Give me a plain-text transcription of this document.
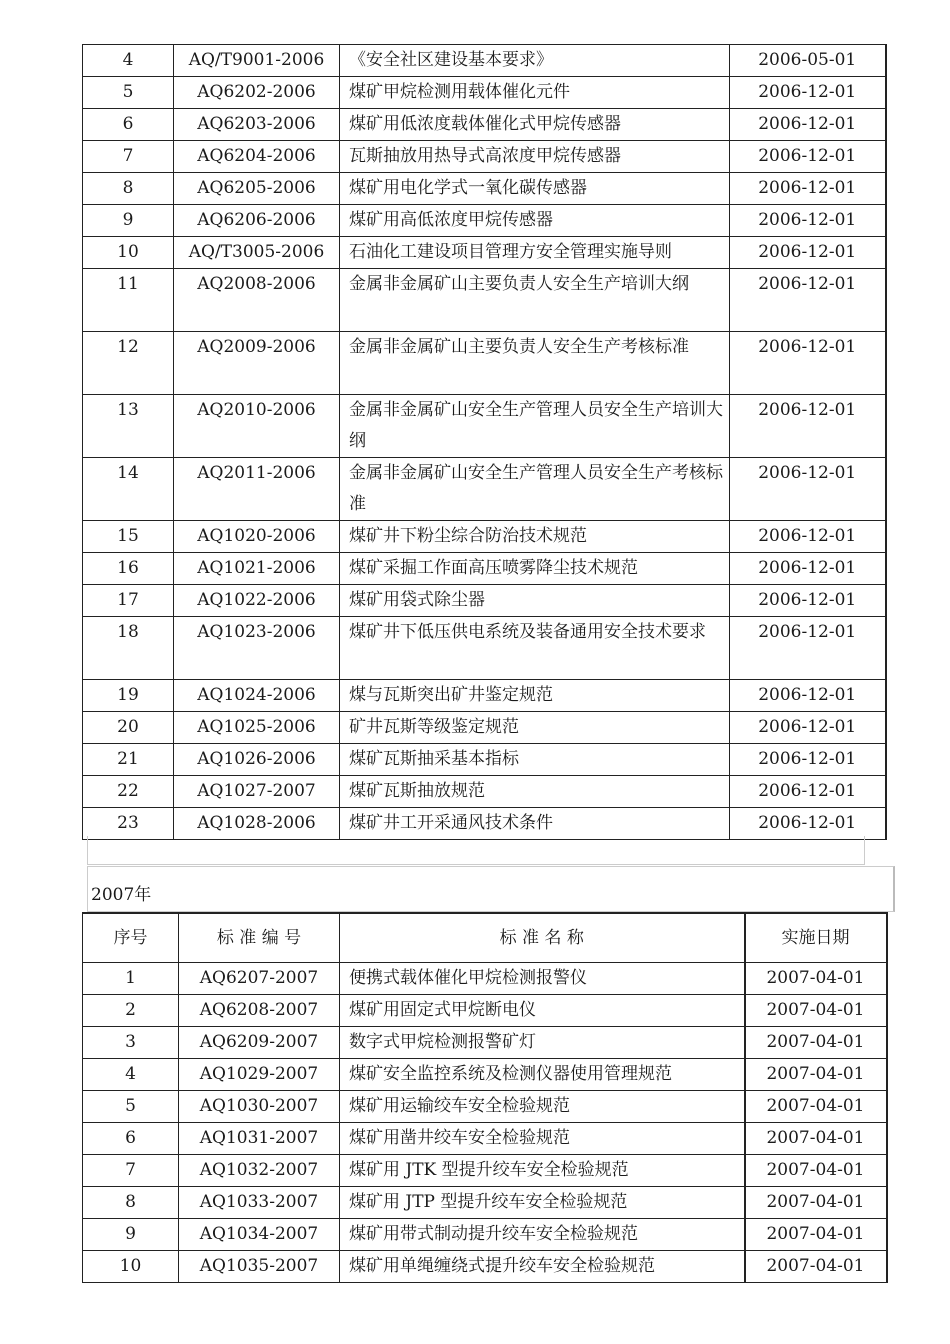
4	AQ/T9001-2006	《安全社区建设基本要求》	2006-05-01
5	AQ6202-2006	煤矿甲烷检测用载体催化元件	2006-12-01
6	AQ6203-2006	煤矿用低浓度载体催化式甲烷传感器	2006-12-01
7	AQ6204-2006	瓦斯抽放用热导式高浓度甲烷传感器	2006-12-01
8	AQ6205-2006	煤矿用电化学式一氧化碳传感器	2006-12-01
9	AQ6206-2006	煤矿用高低浓度甲烷传感器	2006-12-01
10	AQ/T3005-2006	石油化工建设项目管理方安全管理实施导则	2006-12-01
11	AQ2008-2006	金属非金属矿山主要负责人安全生产培训大纲	2006-12-01
12	AQ2009-2006	金属非金属矿山主要负责人安全生产考核标准	2006-12-01
13	AQ2010-2006	金属非金属矿山安全生产管理人员安全生产培训大纲	2006-12-01
14	AQ2011-2006	金属非金属矿山安全生产管理人员安全生产考核标准	2006-12-01
15	AQ1020-2006	煤矿井下粉尘综合防治技术规范	2006-12-01
16	AQ1021-2006	煤矿采掘工作面高压喷雾降尘技术规范	2006-12-01
17	AQ1022-2006	煤矿用袋式除尘器	2006-12-01
18	AQ1023-2006	煤矿井下低压供电系统及装备通用安全技术要求	2006-12-01
19	AQ1024-2006	煤与瓦斯突出矿井鉴定规范	2006-12-01
20	AQ1025-2006	矿井瓦斯等级鉴定规范	2006-12-01
21	AQ1026-2006	煤矿瓦斯抽采基本指标	2006-12-01
22	AQ1027-2007	煤矿瓦斯抽放规范	2006-12-01
23	AQ1028-2006	煤矿井工开采通风技术条件	2006-12-01
2007年
序号	标 准 编 号	标 准 名 称	实施日期
1	AQ6207-2007	便携式载体催化甲烷检测报警仪	2007-04-01
2	AQ6208-2007	煤矿用固定式甲烷断电仪	2007-04-01
3	AQ6209-2007	数字式甲烷检测报警矿灯	2007-04-01
4	AQ1029-2007	煤矿安全监控系统及检测仪器使用管理规范	2007-04-01
5	AQ1030-2007	煤矿用运输绞车安全检验规范	2007-04-01
6	AQ1031-2007	煤矿用凿井绞车安全检验规范	2007-04-01
7	AQ1032-2007	煤矿用 JTK 型提升绞车安全检验规范	2007-04-01
8	AQ1033-2007	煤矿用 JTP 型提升绞车安全检验规范	2007-04-01
9	AQ1034-2007	煤矿用带式制动提升绞车安全检验规范	2007-04-01
10	AQ1035-2007	煤矿用单绳缠绕式提升绞车安全检验规范	2007-04-01
